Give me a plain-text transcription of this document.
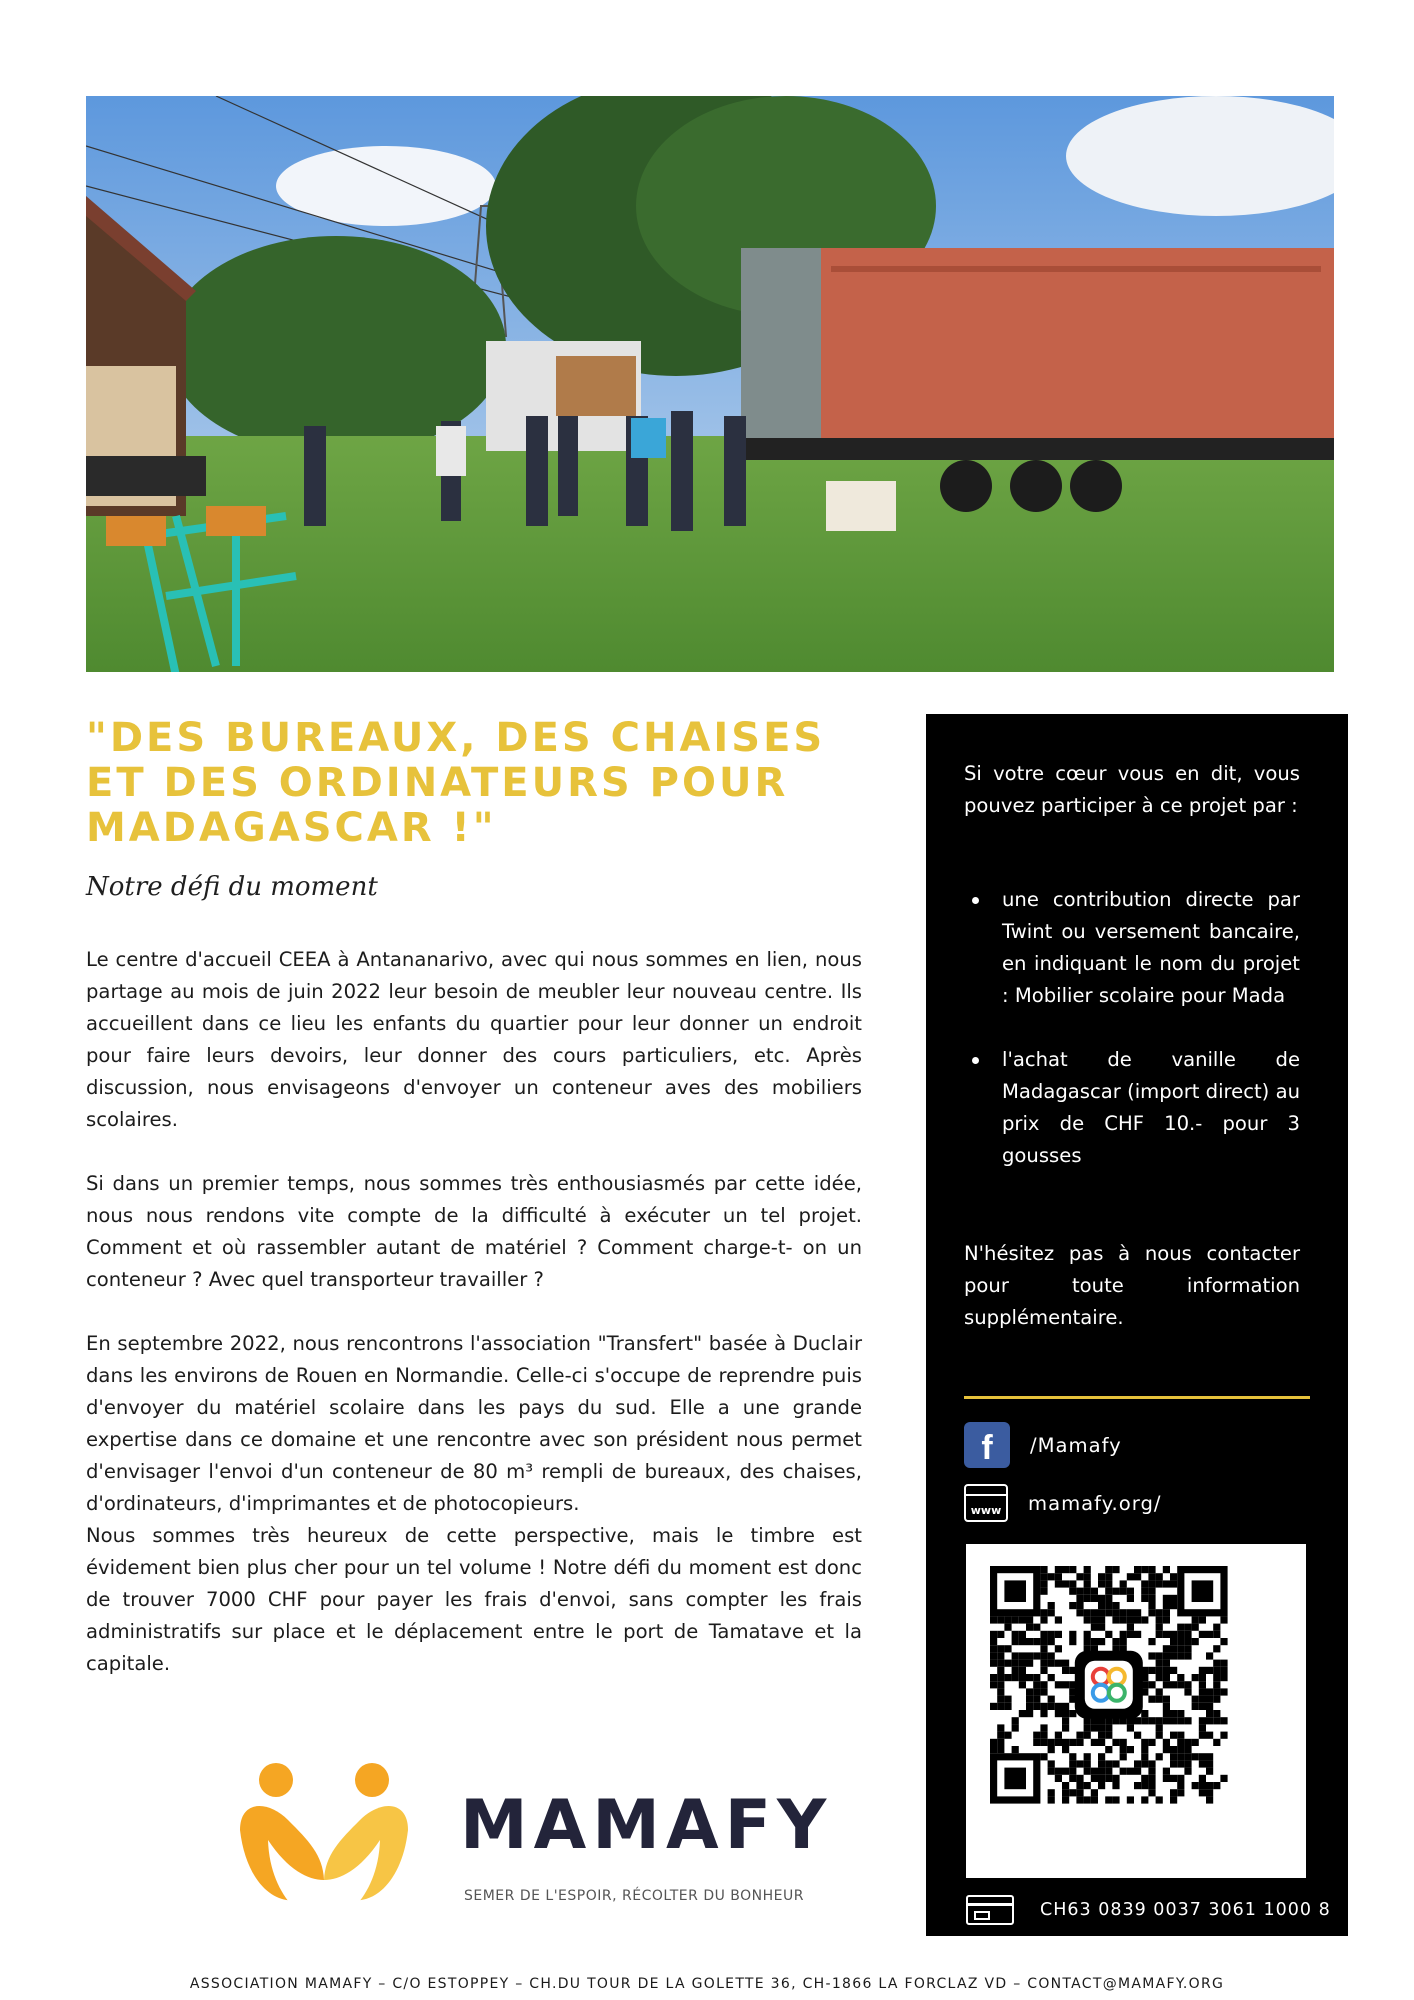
"DES BUREAUX, DES CHAISES ET DES ORDINATEURS POUR MADAGASCAR !"
Notre défi du moment

Le centre d'accueil CEEA à Antananarivo, avec qui nous sommes en lien, nous partage au mois de juin 2022 leur besoin de meubler leur nouveau centre. Ils accueillent dans ce lieu les enfants du quartier pour leur donner un endroit pour faire leurs devoirs, leur donner des cours particuliers, etc. Après discussion, nous envisageons d'envoyer un conteneur aves des mobiliers scolaires.

Si dans un premier temps, nous sommes très enthousiasmés par cette idée, nous nous rendons vite compte de la difficulté à exécuter un tel projet. Comment et où rassembler autant de matériel ? Comment charge-t- on un conteneur ? Avec quel transporteur travailler ?

En septembre 2022, nous rencontrons l'association "Transfert" basée à Duclair dans les environs de Rouen en Normandie. Celle-ci s'occupe de reprendre puis d'envoyer du matériel scolaire dans les pays du sud. Elle a une grande expertise dans ce domaine et une rencontre avec son président nous permet d'envisager l'envoi d'un conteneur de 80 m³ rempli de bureaux, des chaises, d'ordinateurs, d'imprimantes et de photocopieurs.

Nous sommes très heureux de cette perspective, mais le timbre est évidement bien plus cher pour un tel volume ! Notre défi du moment est donc de trouver 7000 CHF pour payer les frais d'envoi, sans compter les frais administratifs sur place et le déplacement entre le port de Tamatave et la capitale.

MAMAFY
SEMER DE L'ESPOIR, RÉCOLTER DU BONHEUR

Si votre cœur vous en dit, vous pouvez participer à ce projet par :

une contribution directe par Twint ou versement bancaire, en indiquant le nom du projet : Mobilier scolaire pour Mada
l'achat de vanille de Madagascar (import direct) au prix de CHF 10.- pour 3 gousses

N'hésitez pas à nous contacter pour toute information supplémentaire.

f	/Mamafy
www	mamafy.org/
CH63 0839 0037 3061 1000 8
ASSOCIATION MAMAFY – C/O ESTOPPEY – CH.DU TOUR DE LA GOLETTE 36, CH-1866 LA FORCLAZ VD – CONTACT@MAMAFY.ORG
